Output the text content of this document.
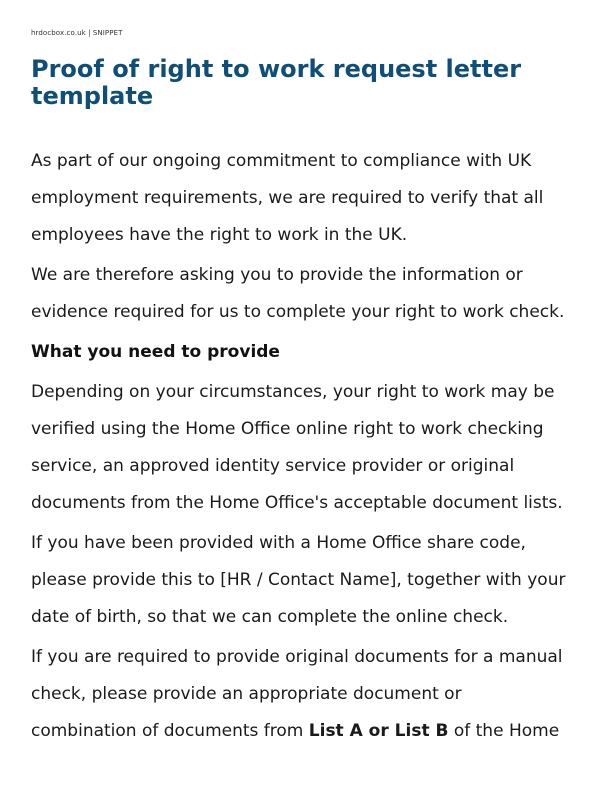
hrdocbox.co.uk | SNIPPET
Proof of right to work request letter template

As part of our ongoing commitment to compliance with UK employment requirements, we are required to verify that all employees have the right to work in the UK.

We are therefore asking you to provide the information or evidence required for us to complete your right to work check.

What you need to provide

Depending on your circumstances, your right to work may be verified using the Home Office online right to work checking service, an approved identity service provider or original documents from the Home Office's acceptable document lists.

If you have been provided with a Home Office share code, please provide this to [HR / Contact Name], together with your date of birth, so that we can complete the online check.

If you are required to provide original documents for a manual check, please provide an appropriate document or combination of documents from List A or List B of the Home
